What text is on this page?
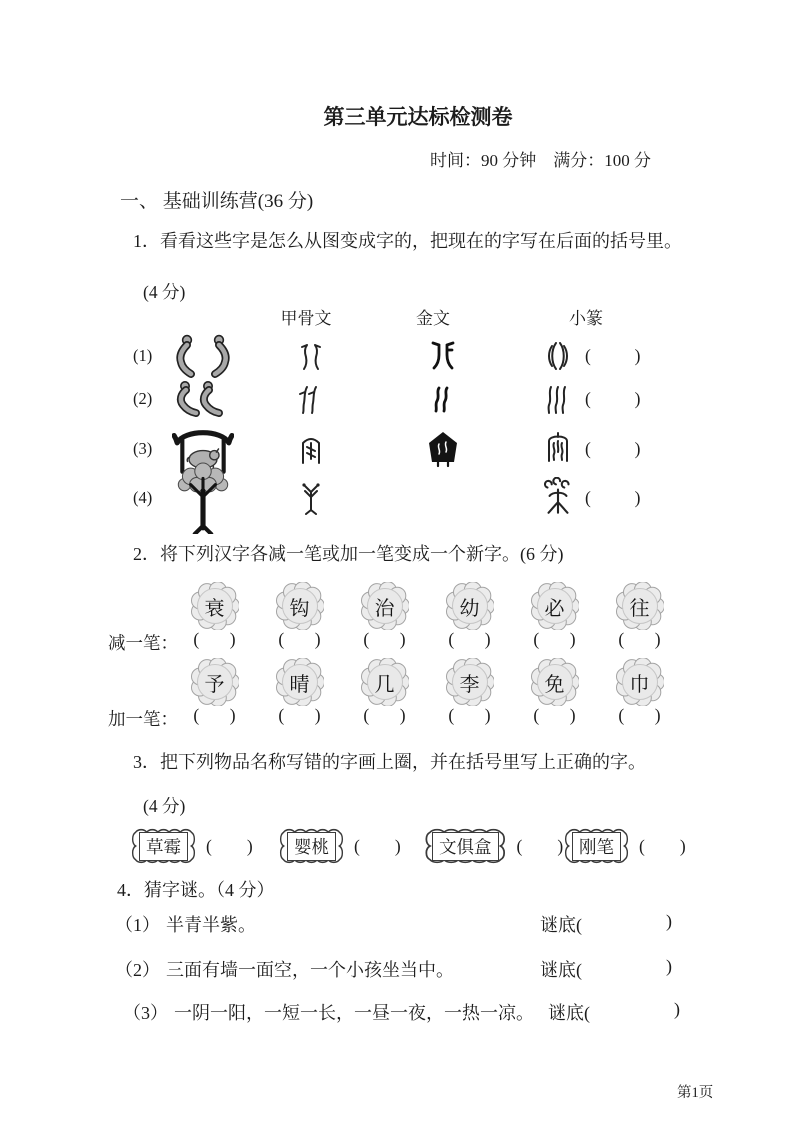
第三单元达标检测卷
时间：90 分钟　满分：100 分
一、 基础训练营(36 分)
1．看看这些字是怎么从图变成字的，把现在的字写在后面的括号里。
(4 分)
甲骨文	金文	小篆
(1)	(          )
(2)	(          )
(3)	(          )
(4)	(          )
2．将下列汉字各减一笔或加一笔变成一个新字。(6 分)
衰	钩	治	幼	必	往
减一笔： (       )	(       )	(       )	(       )	(       )	(       )
予	晴	几	李	免	巾
加一笔： (       )	(       )	(       )	(       )	(       )	(       )
3．把下列物品名称写错的字画上圈，并在括号里写上正确的字。
(4 分)
草霉	(        )	婴桃	(        )	文俱盒	(        ) 刚笔	(        )
4．猜字谜。（4 分）
（1） 半青半紫。	谜底(	)
（2） 三面有墙一面空，一个小孩坐当中。	谜底(	)
（3） 一阴一阳，一短一长，一昼一夜，一热一凉。 谜底(	)
第1页
